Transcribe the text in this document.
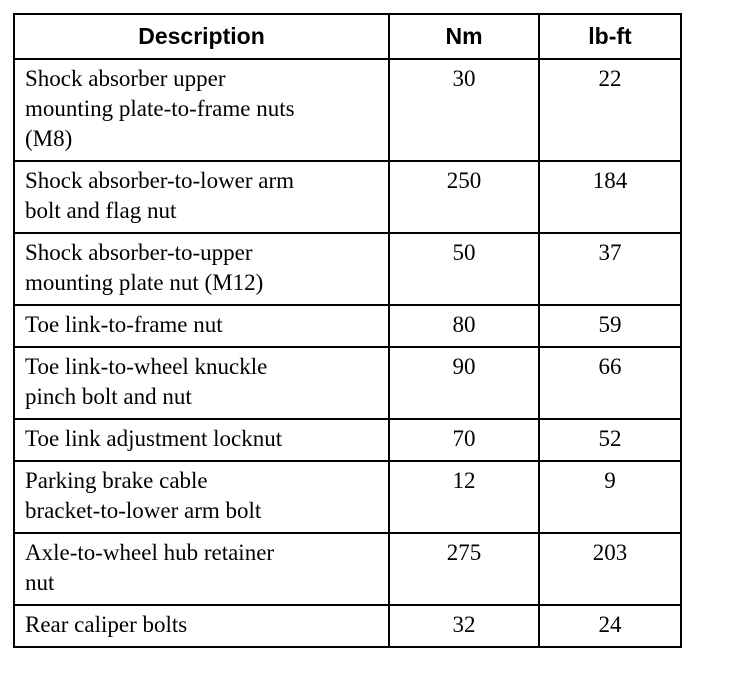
Description	Nm	lb-ft
Shock absorber upper
mounting plate-to-frame nuts
(M8)	30	22
Shock absorber-to-lower arm
bolt and flag nut	250	184
Shock absorber-to-upper
mounting plate nut (M12)	50	37
Toe link-to-frame nut	80	59
Toe link-to-wheel knuckle
pinch bolt and nut	90	66
Toe link adjustment locknut	70	52
Parking brake cable
bracket-to-lower arm bolt	12	9
Axle-to-wheel hub retainer
nut	275	203
Rear caliper bolts	32	24
